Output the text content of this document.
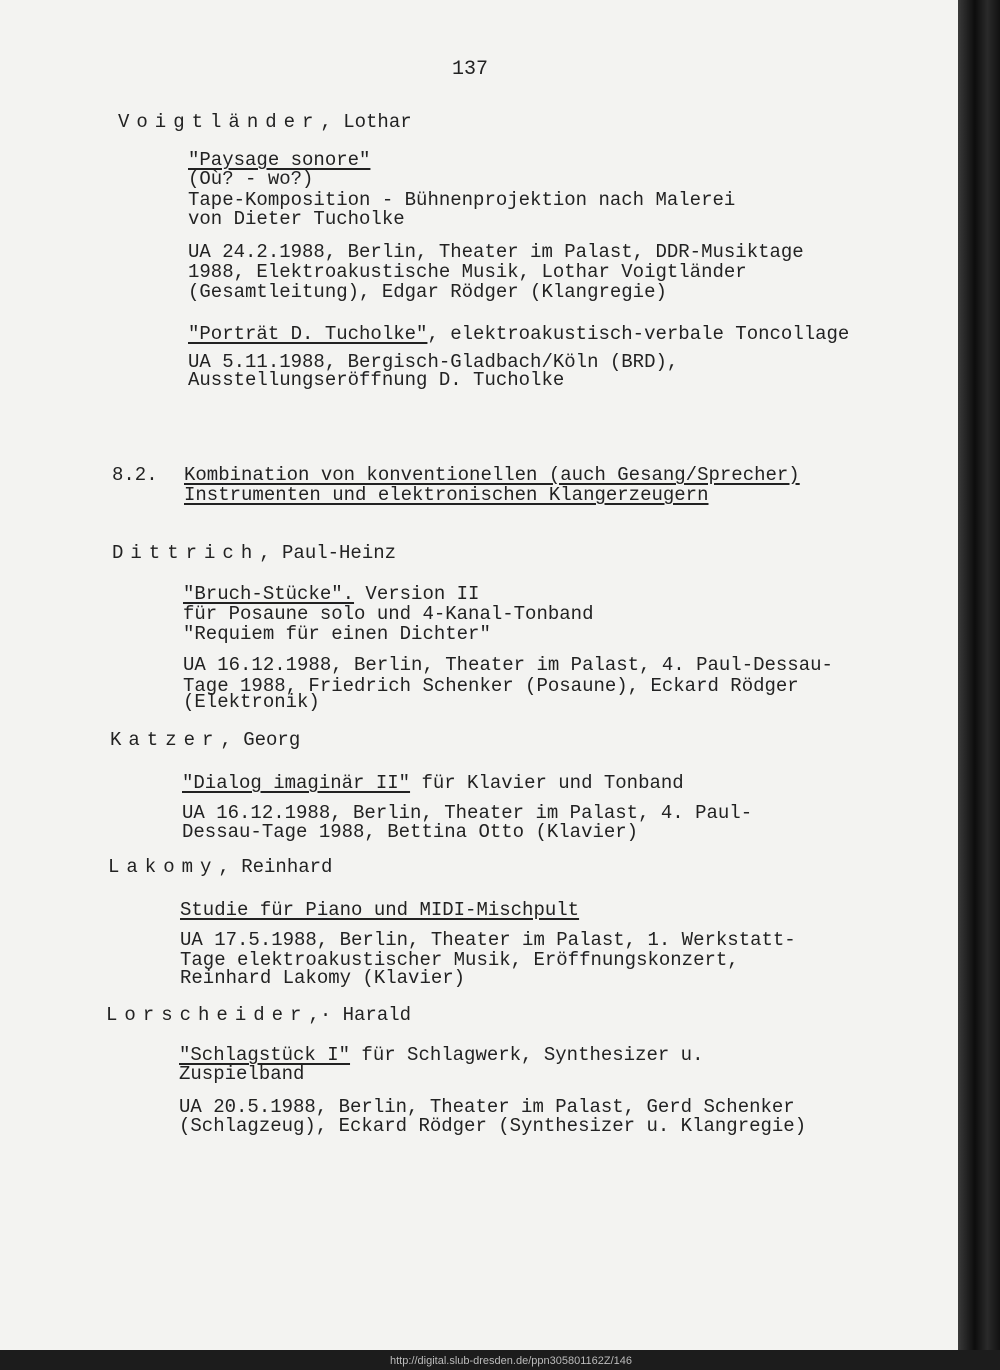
137
Voigtländer, Lothar
"Paysage sonore"
(Où? - wo?)
Tape-Komposition - Bühnenprojektion nach Malerei
von Dieter Tucholke
UA 24.2.1988, Berlin, Theater im Palast, DDR-Musiktage
1988, Elektroakustische Musik, Lothar Voigtländer
(Gesamtleitung), Edgar Rödger (Klangregie)
"Porträt D. Tucholke", elektroakustisch-verbale Toncollage
UA 5.11.1988, Bergisch-Gladbach/Köln (BRD),
Ausstellungseröffnung D. Tucholke
8.2. Kombination von konventionellen (auch Gesang/Sprecher)
Instrumenten und elektronischen Klangerzeugern
Dittrich, Paul-Heinz
"Bruch-Stücke". Version II
für Posaune solo und 4-Kanal-Tonband
"Requiem für einen Dichter"
UA 16.12.1988, Berlin, Theater im Palast, 4. Paul-Dessau-
Tage 1988, Friedrich Schenker (Posaune), Eckard Rödger
(Elektronik)
Katzer, Georg
"Dialog imaginär II" für Klavier und Tonband
UA 16.12.1988, Berlin, Theater im Palast, 4. Paul-
Dessau-Tage 1988, Bettina Otto (Klavier)
Lakomy, Reinhard
Studie für Piano und MIDI-Mischpult
UA 17.5.1988, Berlin, Theater im Palast, 1. Werkstatt-
Tage elektroakustischer Musik, Eröffnungskonzert,
Reinhard Lakomy (Klavier)
Lorscheider,· Harald
"Schlagstück I" für Schlagwerk, Synthesizer u.
Zuspielband
UA 20.5.1988, Berlin, Theater im Palast, Gerd Schenker
(Schlagzeug), Eckard Rödger (Synthesizer u. Klangregie)
http://digital.slub-dresden.de/ppn305801162Z/146
